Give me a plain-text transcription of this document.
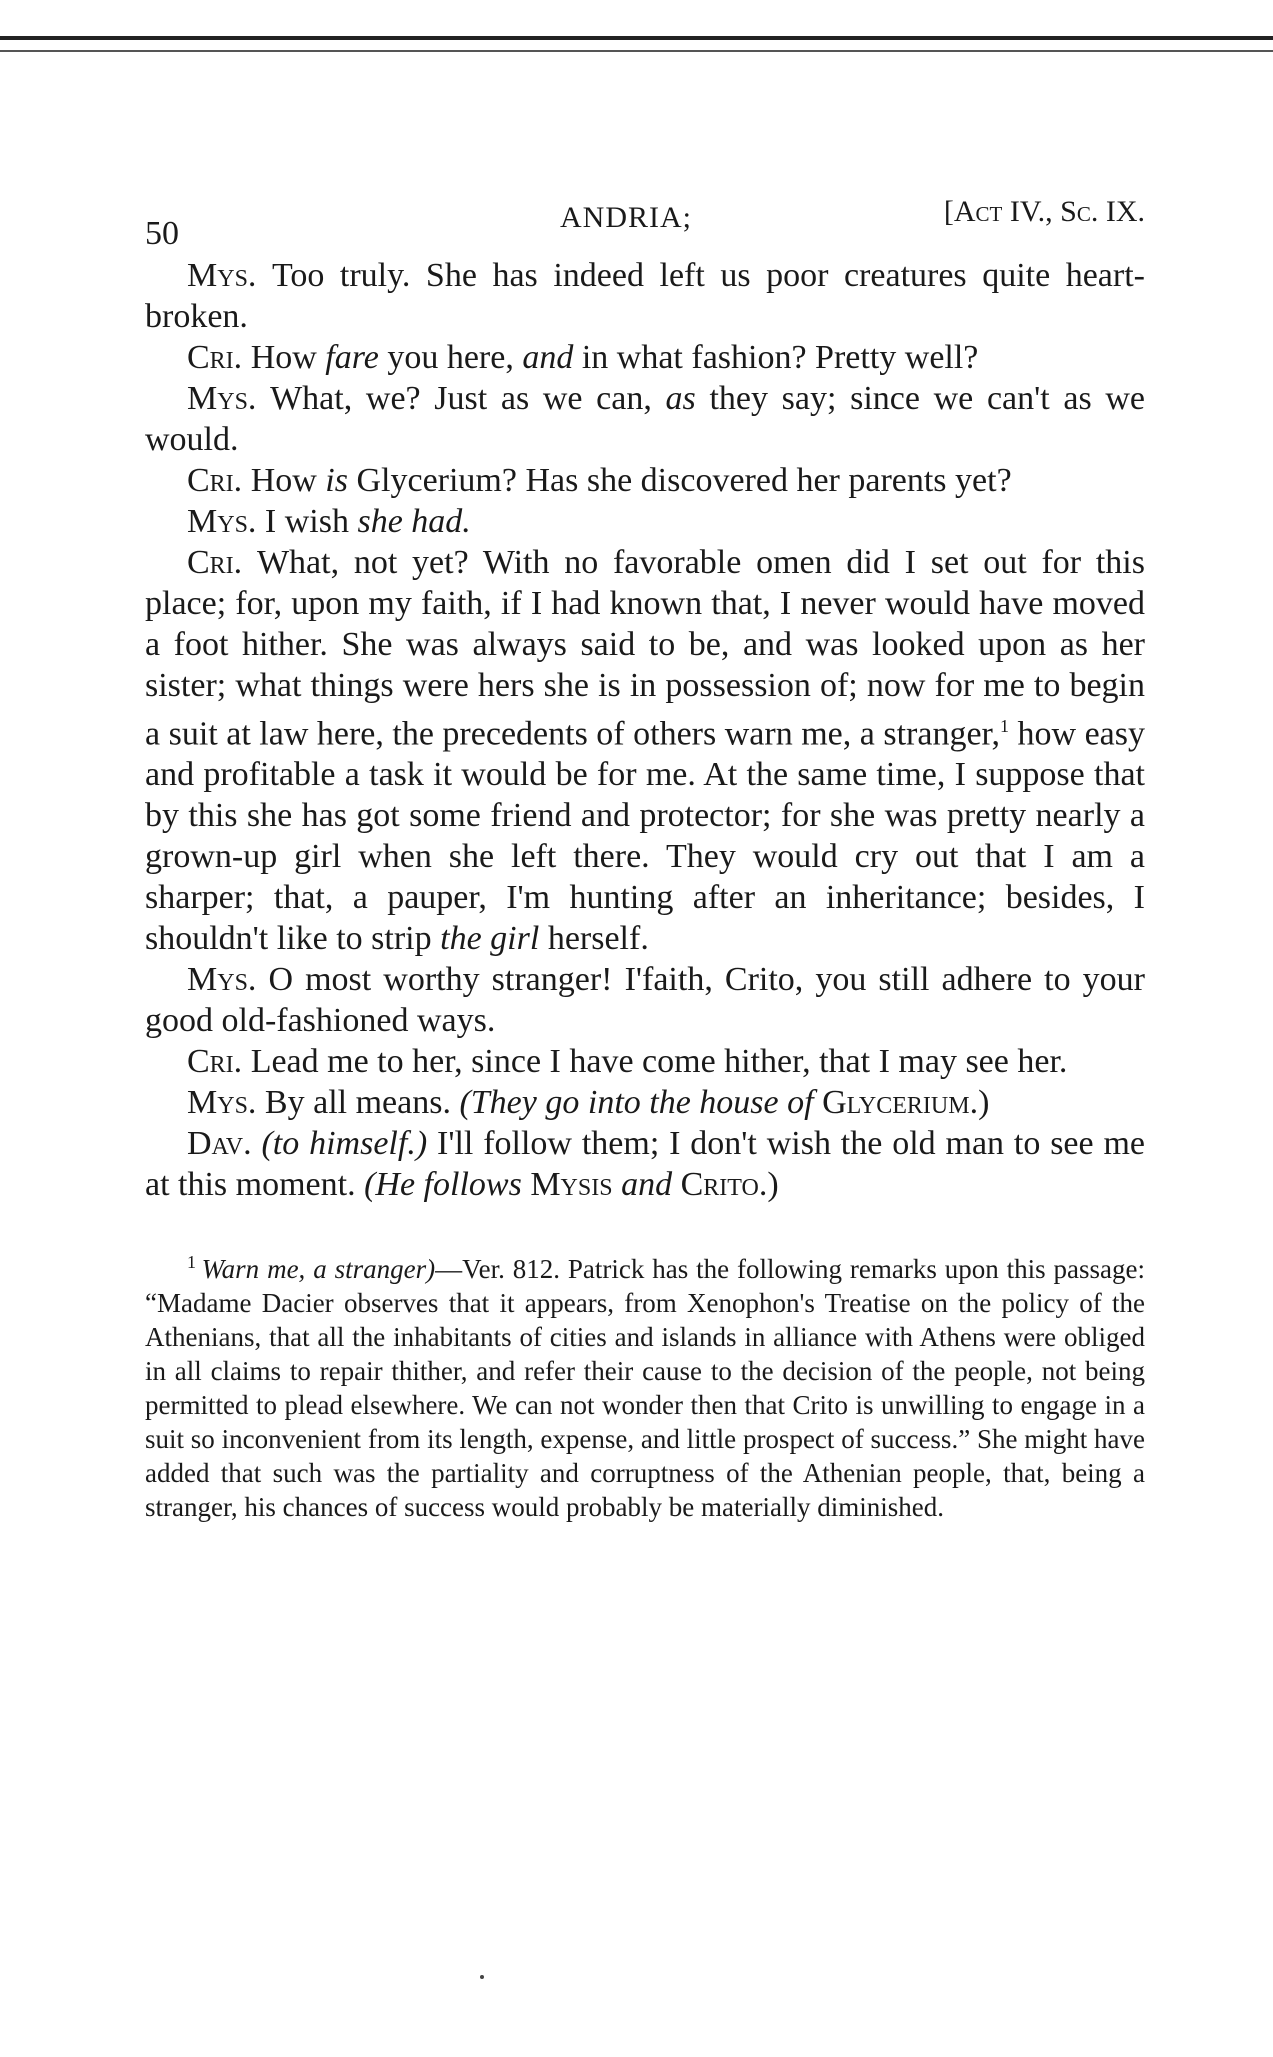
50	ANDRIA;	[Act IV., Sc. IX.

Mys. Too truly. She has indeed left us poor creatures quite heart-broken.

Cri. How fare you here, and in what fashion? Pretty well?

Mys. What, we? Just as we can, as they say; since we can't as we would.

Cri. How is Glycerium? Has she discovered her parents yet?

Mys. I wish she had.

Cri. What, not yet? With no favorable omen did I set out for this place; for, upon my faith, if I had known that, I never would have moved a foot hither. She was always said to be, and was looked upon as her sister; what things were hers she is in possession of; now for me to begin a suit at law here, the precedents of others warn me, a stranger,$^1$ how easy and profitable a task it would be for me. At the same time, I suppose that by this she has got some friend and protector; for she was pretty nearly a grown-up girl when she left there. They would cry out that I am a sharper; that, a pauper, I'm hunting after an inheritance; besides, I shouldn't like to strip the girl herself.

Mys. O most worthy stranger! I'faith, Crito, you still adhere to your good old-fashioned ways.

Cri. Lead me to her, since I have come hither, that I may see her.

Mys. By all means. (They go into the house of Glycerium.)

Dav. (to himself.) I'll follow them; I don't wish the old man to see me at this moment. (He follows Mysis and Crito.)

$^1$ Warn me, a stranger)—Ver. 812. Patrick has the following remarks upon this passage: “Madame Dacier observes that it appears, from Xenophon's Treatise on the policy of the Athenians, that all the inhabitants of cities and islands in alliance with Athens were obliged in all claims to repair thither, and refer their cause to the decision of the people, not being permitted to plead elsewhere. We can not wonder then that Crito is unwilling to engage in a suit so inconvenient from its length, expense, and little prospect of success.” She might have added that such was the partiality and corruptness of the Athenian people, that, being a stranger, his chances of success would probably be materially diminished.
